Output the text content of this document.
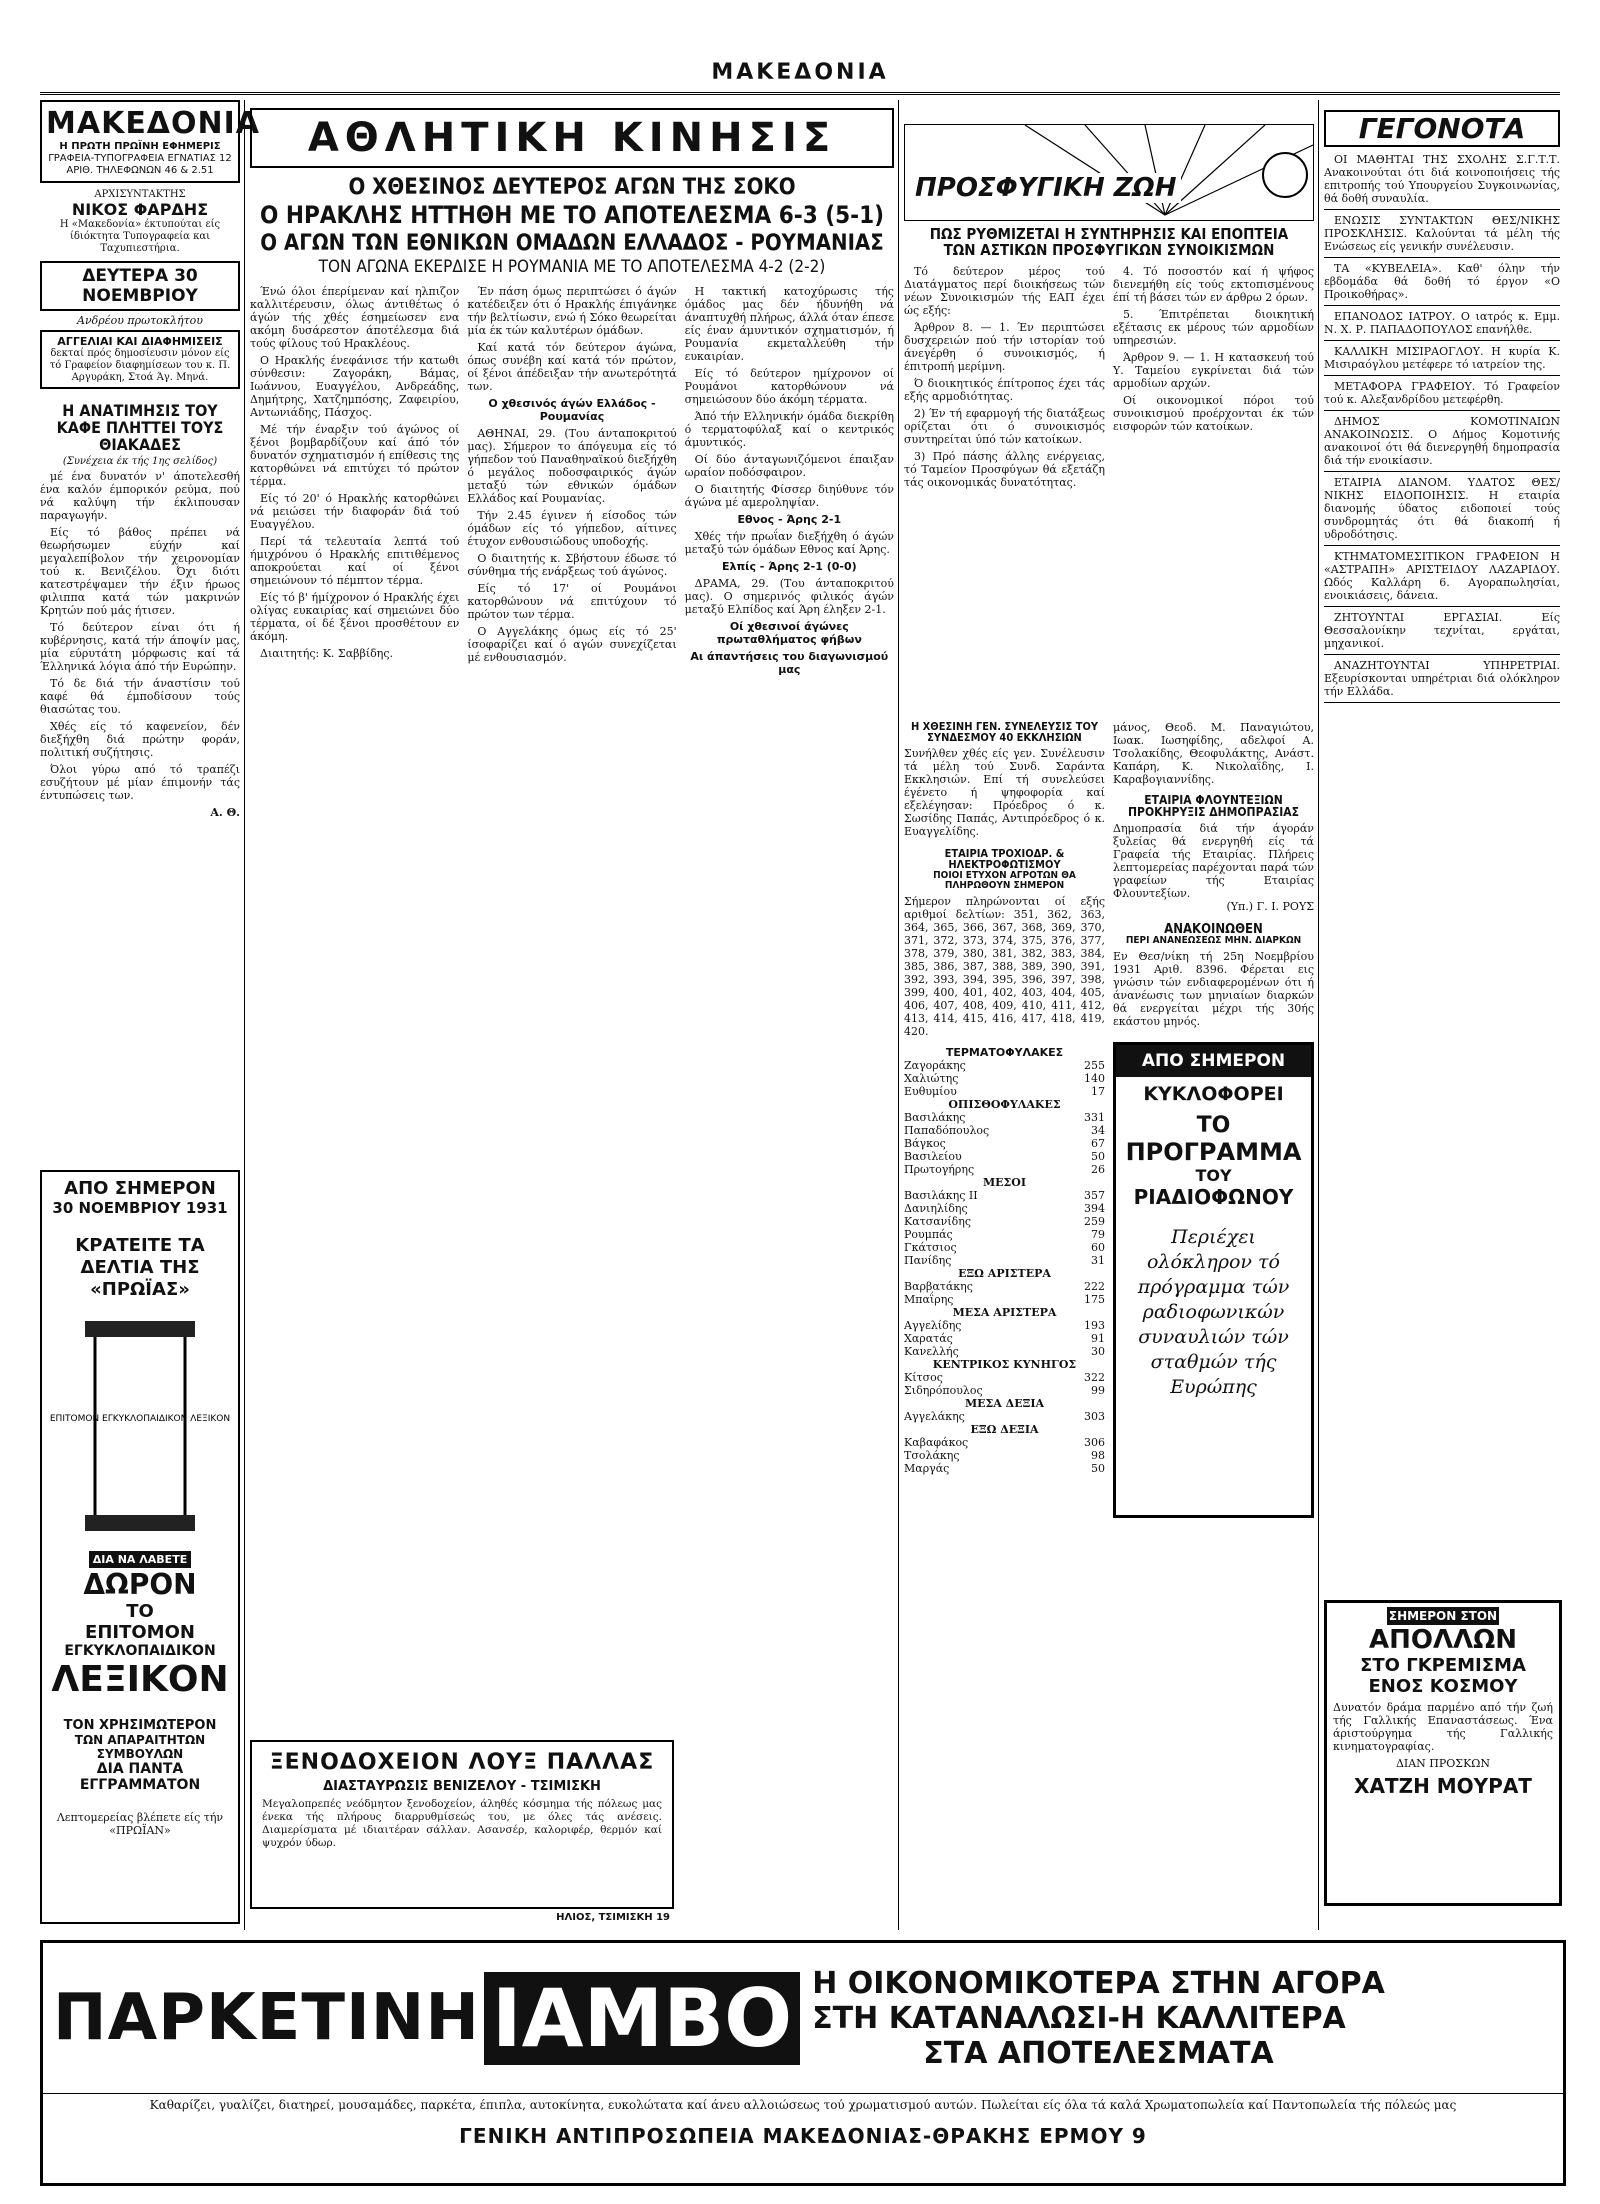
ΜΑΚΕΔΟΝΙΑ
ΜΑΚΕΔΟΝΙΑ
Η ΠΡΩΤΗ ΠΡΩΪΝΗ ΕΦΗΜΕΡΙΣ
ΓΡΑΦΕΙΑ-ΤΥΠΟΓΡΑΦΕΙΑ ΕΓΝΑΤΙΑΣ 12
ΑΡΙΘ. ΤΗΛΕΦΩΝΩΝ 46 & 2.51
ΑΡΧΙΣΥΝΤΑΚΤΗΣ
ΝΙΚΟΣ ΦΑΡΔΗΣ
Η «Μακεδονία» έκτυπούται είς ίδιόκτητα Τυπογραφεία και Ταχυπιεστήρια.
ΔΕΥΤΕΡΑ 30 ΝΟΕΜΒΡΙΟΥ
Ανδρέου πρωτοκλήτου
ΑΓΓΕΛΙΑΙ ΚΑΙ ΔΙΑΦΗΜΙΣΕΙΣ
δεκταί πρός δημοσίευσιν μόνον είς τό Γραφείον διαφημίσεων του κ. Π. Αργυράκη, Στοά Άγ. Μηνά.
Η ΑΝΑΤΙΜΗΣΙΣ ΤΟΥ ΚΑΦΕ ΠΛΗΤΤΕΙ ΤΟΥΣ ΘΙΑΚΑΔΕΣ
(Συνέχεια έκ τής 1ης σελίδος)

μέ ένα δυνατόν ν' άποτελεσθή ένα καλόν έμπορικόν ρεύμα, πού νά καλύψη τήν έκλιπουσαν παραγωγήν.

Είς τό βάθος πρέπει νά θεωρήσωμεν εύχήν καί μεγαλεπίβολον τήν χειρονομίαν τού κ. Βενιζέλου. Όχι διότι κατεστρέψαμεν τήν έξιν ήρωος φιλιππα κατά τών μακρινών Κρητών πού μάς ήτισεν.

Τό δεύτερον είναι ότι ή κυβέρνησις, κατά τήν άποψίν μας, μία εύρυτάτη μόρφωσις καί τά Έλληνικά λόγια άπό τήν Ευρώπην.

Τό δε διά τήν άναστίσιν τού καφέ θά έμποδίσουν τούς θιασώτας του.

Χθές είς τό καφενείον, δέν διεξήχθη διά πρώτην φοράν, πολιτική συζήτησις.

Όλοι γύρω από τό τραπέζι εσυζήτουν μέ μίαν έπιμονήν τάς έντυπώσεις των.

Α. Θ.
ΑΠΟ ΣΗΜΕΡΟΝ
30 ΝΟΕΜΒΡΙΟΥ 1931
ΚΡΑΤΕΙΤΕ ΤΑ ΔΕΛΤΙΑ ΤΗΣ «ΠΡΩΪΑΣ»
ΕΠΙΤΟΜΟΝ ΕΓΚΥΚΛΟΠΑΙΔΙΚΟΝ ΛΕΞΙΚΟΝ
ΔΙΑ ΝΑ ΛΑΒΕΤΕ
ΔΩΡΟΝ
ΤΟ
ΕΠΙΤΟΜΟΝ
ΕΓΚΥΚΛΟΠΑΙΔΙΚΟΝ
ΛΕΞΙΚΟΝ
ΤΟΝ ΧΡΗΣΙΜΩΤΕΡΟΝ
ΤΩΝ ΑΠΑΡΑΙΤΗΤΩΝ ΣΥΜΒΟΥΛΩΝ
ΔΙΑ ΠΑΝΤΑ ΕΓΓΡΑΜΜΑΤΟΝ
Λεπτομερείας βλέπετε είς τήν «ΠΡΩΪΑΝ»
ΑΘΛΗΤΙΚΗ ΚΙΝΗΣΙΣ
Ο ΧΘΕΣΙΝΟΣ ΔΕΥΤΕΡΟΣ ΑΓΩΝ ΤΗΣ ΣΟΚΟ
Ο ΗΡΑΚΛΗΣ ΗΤΤΗΘΗ ΜΕ ΤΟ ΑΠΟΤΕΛΕΣΜΑ 6-3 (5-1)
Ο ΑΓΩΝ ΤΩΝ ΕΘΝΙΚΩΝ ΟΜΑΔΩΝ ΕΛΛΑΔΟΣ - ΡΟΥΜΑΝΙΑΣ
ΤΟΝ ΑΓΩΝΑ ΕΚΕΡΔΙΣΕ Η ΡΟΥΜΑΝΙΑ ΜΕ ΤΟ ΑΠΟΤΕΛΕΣΜΑ 4-2 (2-2)

Ένώ όλοι έπερίμεναν καί ηλπιζον καλλιτέρευσιν, όλως άντιθέτως ό άγών τής χθές έσημείωσεν ενα ακόμη δυσάρεστον άποτέλεσμα διά τούς φίλους τού Ηρακλέους.

Ο Ηρακλής ένεφάνισε τήν κατωθι σύνθεσιν: Ζαγοράκη, Βάμας, Ιωάννου, Ευαγγέλου, Ανδρεάδης, Δημήτρης, Χατζημπόσης, Ζαφειρίου, Αντωνιάδης, Πάσχος.

Μέ τήν έναρξιν τού άγώνος οί ξένοι βομβαρδίζουν καί άπό τόν δυνατόν σχηματισμόν ή επίθεσις της κατορθώνει νά επιτύχει τό πρώτον τέρμα.

Είς τό 20' ό Ηρακλής κατορθώνει νά μειώσει τήν διαφοράν διά τού Ευαγγέλου.

Περί τά τελευταία λεπτά τού ήμιχρόνου ό Ηρακλής επιτιθέμενος αποκρούεται καί οί ξένοι σημειώνουν τό πέμπτον τέρμα.

Είς τό β' ήμίχρονον ό Ηρακλής έχει ολίγας ευκαιρίας καί σημειώνει δύο τέρματα, οί δέ ξένοι προσθέτουν εν άκόμη.

Διαιτητής: Κ. Σαββίδης.

Έν πάση όμως περιπτώσει ό άγών κατέδειξεν ότι ό Ηρακλής έπιγάνηκε τήν βελτίωσιν, ενώ ή Σόκο θεωρείται μία έκ τών καλυτέρων όμάδων.

Καί κατά τόν δεύτερον άγώνα, όπως συνέβη καί κατά τόν πρώτον, οί ξένοι άπέδειξαν τήν ανωτερότητά των.

Ο χθεσινός άγών Ελλάδος - Ρουμανίας

ΑΘΗΝΑΙ, 29. (Του άνταποκριτού μας). Σήμερον το άπόγευμα είς τό γήπεδον τού Παναθηναϊκού διεξήχθη ό μεγάλος ποδοσφαιρικός άγών μεταξύ τών εθνικών όμάδων Ελλάδος καί Ρουμανίας.

Τήν 2.45 έγινεν ή είσοδος τών όμάδων είς τό γήπεδον, αίτινες έτυχον ενθουσιώδους υποδοχής.

Ο διαιτητής κ. Σβήστουν έδωσε τό σύνθημα τής ενάρξεως τού άγώνος.

Είς τό 17' οί Ρουμάνοι κατορθώνουν νά επιτύχουν τό πρώτον των τέρμα.

Ο Αγγελάκης όμως είς τό 25' ίσοφαρίζει καί ό αγών συνεχίζεται μέ ενθουσιασμόν.

Η τακτική κατοχύρωσις τής όμάδος μας δέν ήδυνήθη νά άναπτυχθή πλήρως, άλλά όταν έπεσε είς έναν άμυντικόν σχηματισμόν, ή Ρουμανία εκμεταλλεύθη τήν ευκαιρίαν.

Είς τό δεύτερον ημίχρονον οί Ρουμάνοι κατορθώνουν νά σημειώσουν δύο άκόμη τέρματα.

Άπό τήν Ελληνικήν όμάδα διεκρίθη ό τερματοφύλαξ καί ο κεντρικός άμυντικός.

Οί δύο άνταγωνιζόμενοι έπαιξαν ωραίον ποδόσφαιρον.

Ο διαιτητής Φίσσερ διηύθυνε τόν άγώνα μέ αμεροληψίαν.

Εθνος - Άρης 2-1

Χθές τήν πρωΐαν διεξήχθη ό άγών μεταξύ τών όμάδων Εθνος καί Άρης.

Ελπίς - Άρης 2-1 (0-0)

ΔΡΑΜΑ, 29. (Του άνταποκριτού μας). Ο σημερινός φιλικός άγών μεταξύ Ελπίδος καί Άρη έληξεν 2-1.

Οί χθεσινοί άγώνες πρωταθλήματος φήβων

Αι άπαντήσεις του διαγωνισμού μας

ΞΕΝΟΔΟΧΕΙΟΝ ΛΟΥΞ ΠΑΛΛΑΣ
ΔΙΑΣΤΑΥΡΩΣΙΣ ΒΕΝΙΖΕΛΟΥ - ΤΣΙΜΙΣΚΗ
Μεγαλοπρεπές νεόδμητον ξενοδοχείον, άληθές κόσμημα τής πόλεως μας ένεκα τής πλήρους διαρρυθμίσεώς του, με όλες τάς ανέσεις. Διαμερίσματα μέ ιδιαιτέραν σάλλαν. Ασανσέρ, καλοριφέρ, θερμόν καί ψυχρόν ύδωρ.
ΗΛΙΟΣ, ΤΣΙΜΙΣΚΗ 19
ΠΡΟΣΦΥΓΙΚΗ ΖΩΗ
ΠΩΣ ΡΥΘΜΙΖΕΤΑΙ Η ΣΥΝΤΗΡΗΣΙΣ ΚΑΙ ΕΠΟΠΤΕΙΑ
ΤΩΝ ΑΣΤΙΚΩΝ ΠΡΟΣΦΥΓΙΚΩΝ ΣΥΝΟΙΚΙΣΜΩΝ

Τό δεύτερον μέρος τού Διατάγματος περί διοικήσεως τών νέων Συνοικισμών τής ΕΑΠ έχει ώς εξής:

Άρθρον 8. — 1. Έν περιπτώσει δυσχερειών πού τήν ιστορίαν τού άνεγέρθη ό συνοικισμός, ή έπιτροπή μερίμνη.

Ό διοικητικός έπίτροπος έχει τάς εξής αρμοδιότητας.

2) Έν τή εφαρμογή τής διατάξεως ορίζεται ότι ό συνοικισμός συντηρείται ύπό τών κατοίκων.

3) Πρό πάσης άλλης ενέργειας, τό Ταμείον Προσφύγων θά εξετάζη τάς οικονομικάς δυνατότητας.

4. Τό ποσοστόν καί ή ψήφος διενεμήθη είς τούς εκτοπισμένους έπί τή βάσει τών εν άρθρω 2 όρων.

5. Έπιτρέπεται διοικητική εξέτασις εκ μέρους τών αρμοδίων υπηρεσιών.

Άρθρον 9. — 1. Η κατασκευή τού Υ. Ταμείου εγκρίνεται διά τών αρμοδίων αρχών.

Οί οικονομικοί πόροι τού συνοικισμού προέρχονται έκ τών εισφορών τών κατοίκων.

Η ΧΘΕΣΙΝΗ ΓΕΝ. ΣΥΝΕΛΕΥΣΙΣ ΤΟΥ ΣΥΝΔΕΣΜΟΥ 40 ΕΚΚΛΗΣΙΩΝ
Συνήλθεν χθές είς γεν. Συνέλευσιν τά μέλη τού Συνδ. Σαράντα Εκκλησιών. Επί τή συνελεύσει έγένετο ή ψηφοφορία καί εξελέγησαν: Πρόεδρος ό κ. Σωσίδης Παπάς, Αντιπρόεδρος ό κ. Ευαγγελίδης.
ΕΤΑΙΡΙΑ ΤΡΟΧΙΟΔΡ. & ΗΛΕΚΤΡΟΦΩΤΙΣΜΟΥ
ΠΟΙΟΙ ΕΤΥΧΟΝ ΑΓΡΟΤΩΝ ΘΑ ΠΛΗΡΩΘΟΥΝ ΣΗΜΕΡΟΝ
Σήμερον πληρώνονται οί εξής αριθμοί δελτίων: 351, 362, 363, 364, 365, 366, 367, 368, 369, 370, 371, 372, 373, 374, 375, 376, 377, 378, 379, 380, 381, 382, 383, 384, 385, 386, 387, 388, 389, 390, 391, 392, 393, 394, 395, 396, 397, 398, 399, 400, 401, 402, 403, 404, 405, 406, 407, 408, 409, 410, 411, 412, 413, 414, 415, 416, 417, 418, 419, 420.
ΤΕΡΜΑΤΟΦΥΛΑΚΕΣ
Ζαγοράκης	255
Χαλιώτης	140
Ευθυμίου	17
ΟΠΙΣΘΟΦΥΛΑΚΕΣ
Βασιλάκης	331
Παπαδόπουλος	34
Βάγκος	67
Βασιλείου	50
Πρωτογήρης	26
ΜΕΣΟΙ
Βασιλάκης ΙΙ	357
Δανιηλίδης	394
Κατσανίδης	259
Ρουμπάς	79
Γκάτσιος	60
Πανίδης	31
ΕΞΩ ΑΡΙΣΤΕΡΑ
Βαρβατάκης	222
Μπαΐρης	175
ΜΕΣΑ ΑΡΙΣΤΕΡΑ
Αγγελίδης	193
Χαρατάς	91
Κανελλής	30
ΚΕΝΤΡΙΚΟΣ ΚΥΝΗΓΟΣ
Κίτσος	322
Σιδηρόπουλος	99
ΜΕΣΑ ΔΕΞΙΑ
Αγγελάκης	303
ΕΞΩ ΔΕΞΙΑ
Καβαφάκος	306
Τσολάκης	98
Μαργάς	50
μάνος, Θεοδ. Μ. Παναγιώτου, Ιωακ. Ιωσηφίδης, αδελφοί Α. Τσολακίδης, Θεοφυλάκτης, Ανάστ. Καπάρη, Κ. Νικολαΐδης, Ι. Καραβογιαννίδης.
ΕΤΑΙΡΙΑ ΦΛΟΥΝΤΕΞΙΩΝ
ΠΡΟΚΗΡΥΞΙΣ ΔΗΜΟΠΡΑΣΙΑΣ
Δημοπρασία διά τήν άγοράν ξυλείας θά ενεργηθή είς τά Γραφεία τής Εταιρίας. Πλήρεις λεπτομερείας παρέχονται παρά τών γραφείων τής Εταιρίας Φλουντεξίων.
(Υπ.) Γ. Ι. ΡΟΥΣ
ΑΝΑΚΟΙΝΩΘΕΝ
ΠΕΡΙ ΑΝΑΝΕΩΣΕΩΣ ΜΗΝ. ΔΙΑΡΚΩΝ
Εν Θεσ/νίκη τή 25η Νοεμβρίου 1931 Αριθ. 8396. Φέρεται εις γνώσιν τών ενδιαφερομένων ότι ή άνανέωσις των μηνιαίων διαρκών θά ενεργείται μέχρι τής 30ής εκάστου μηνός.
ΑΠΟ ΣΗΜΕΡΟΝ
ΚΥΚΛΟΦΟΡΕΙ
ΤΟ
ΠΡΟΓΡΑΜΜΑ
ΤΟΥ
ΡΙΑΔΙΟΦΩΝΟΥ
Περιέχει ολόκληρον τό πρόγραμμα τών ραδιοφωνικών συναυλιών τών σταθμών τής Ευρώπης
ΓΕΓΟΝΟΤΑ

ΟΙ ΜΑΘΗΤΑΙ ΤΗΣ ΣΧΟΛΗΣ Σ.Γ.Τ.Τ. Ανακοινούται ότι διά κοινοποιήσεις τής επιτροπής τού Υπουργείου Συγκοινωνίας, θά δοθή συναυλία.

ΕΝΩΣΙΣ ΣΥΝΤΑΚΤΩΝ ΘΕΣ/ΝΙΚΗΣ ΠΡΟΣΚΛΗΣΙΣ. Καλούνται τά μέλη τής Ενώσεως είς γενικήν συνέλευσιν.

ΤΑ «ΚΥΒΕΛΕΙΑ». Καθ' όλην τήν εβδομάδα θά δοθή τό έργον «Ο Προικοθήρας».

ΕΠΑΝΟΔΟΣ ΙΑΤΡΟΥ. Ο ιατρός κ. Εμμ. Ν. Χ. Ρ. ΠΑΠΑΔΟΠΟΥΛΟΣ επανήλθε.

ΚΑΛΛΙΚΗ ΜΙΣΙΡΑΟΓΛΟΥ. Η κυρία Κ. Μισιραόγλου μετέφερε τό ιατρείον της.

ΜΕΤΑΦΟΡΑ ΓΡΑΦΕΙΟΥ. Τό Γραφείον τού κ. Αλεξανδρίδου μετεφέρθη.

ΔΗΜΟΣ ΚΟΜΟΤΙΝΑΙΩΝ ΑΝΑΚΟΙΝΩΣΙΣ. Ο Δήμος Κομοτινής ανακοινοί ότι θά διενεργηθή δημοπρασία διά τήν ενοικίασιν.

ΕΤΑΙΡΙΑ ΔΙΑΝΟΜ. ΥΔΑΤΟΣ ΘΕΣ/ΝΙΚΗΣ ΕΙΔΟΠΟΙΗΣΙΣ. Η εταιρία διανομής ύδατος ειδοποιεί τούς συνδρομητάς ότι θά διακοπή ή υδροδότησις.

ΚΤΗΜΑΤΟΜΕΣΙΤΙΚΟΝ ΓΡΑΦΕΙΟΝ Η «ΑΣΤΡΑΠΗ» ΑΡΙΣΤΕΙΔΟΥ ΛΑΖΑΡΙΔΟΥ. Ωδός Καλλάρη 6. Αγοραπωλησίαι, ενοικιάσεις, δάνεια.

ΖΗΤΟΥΝΤΑΙ ΕΡΓΑΣΙΑΙ. Είς Θεσσαλονίκην τεχνίται, εργάται, μηχανικοί.

ΑΝΑΖΗΤΟΥΝΤΑΙ ΥΠΗΡΕΤΡΙΑΙ. Εξευρίσκονται υπηρέτριαι διά ολόκληρον τήν Ελλάδα.

ΣΗΜΕΡΟΝ ΣΤΟΝ
ΑΠΟΛΛΩΝ
ΣΤΟ ΓΚΡΕΜΙΣΜΑ
ΕΝΟΣ ΚΟΣΜΟΥ
Δυνατόν δράμα παρμένο από τήν ζωή τής Γαλλικής Επαναστάσεως. Ένα άριστούργημα τής Γαλλικής κινηματογραφίας.
ΔΙΑΝ ΠΡΟΣΚΩΝ
ΧΑΤΖΗ ΜΟΥΡΑΤ
ΠΑΡΚΕΤΙΝΗ ΙΑΜΒΟ Η ΟΙΚΟΝΟΜΙΚΟΤΕΡΑ ΣΤΗΝ ΑΓΟΡΑ
ΣΤΗ ΚΑΤΑΝΑΛΩΣΙ-Η ΚΑΛΛΙΤΕΡΑ
ΣΤΑ ΑΠΟΤΕΛΕΣΜΑΤΑ
Καθαρίζει, γυαλίζει, διατηρεί, μουσαμάδες, παρκέτα, έπιπλα, αυτοκίνητα, ευκολώτατα καί άνευ αλλοιώσεως τού χρωματισμού αυτών. Πωλείται είς όλα τά καλά Χρωματοπωλεία καί Παντοπωλεία τής πόλεώς μας
ΓΕΝΙΚΗ ΑΝΤΙΠΡΟΣΩΠΕΙΑ ΜΑΚΕΔΟΝΙΑΣ-ΘΡΑΚΗΣ ΕΡΜΟΥ 9
